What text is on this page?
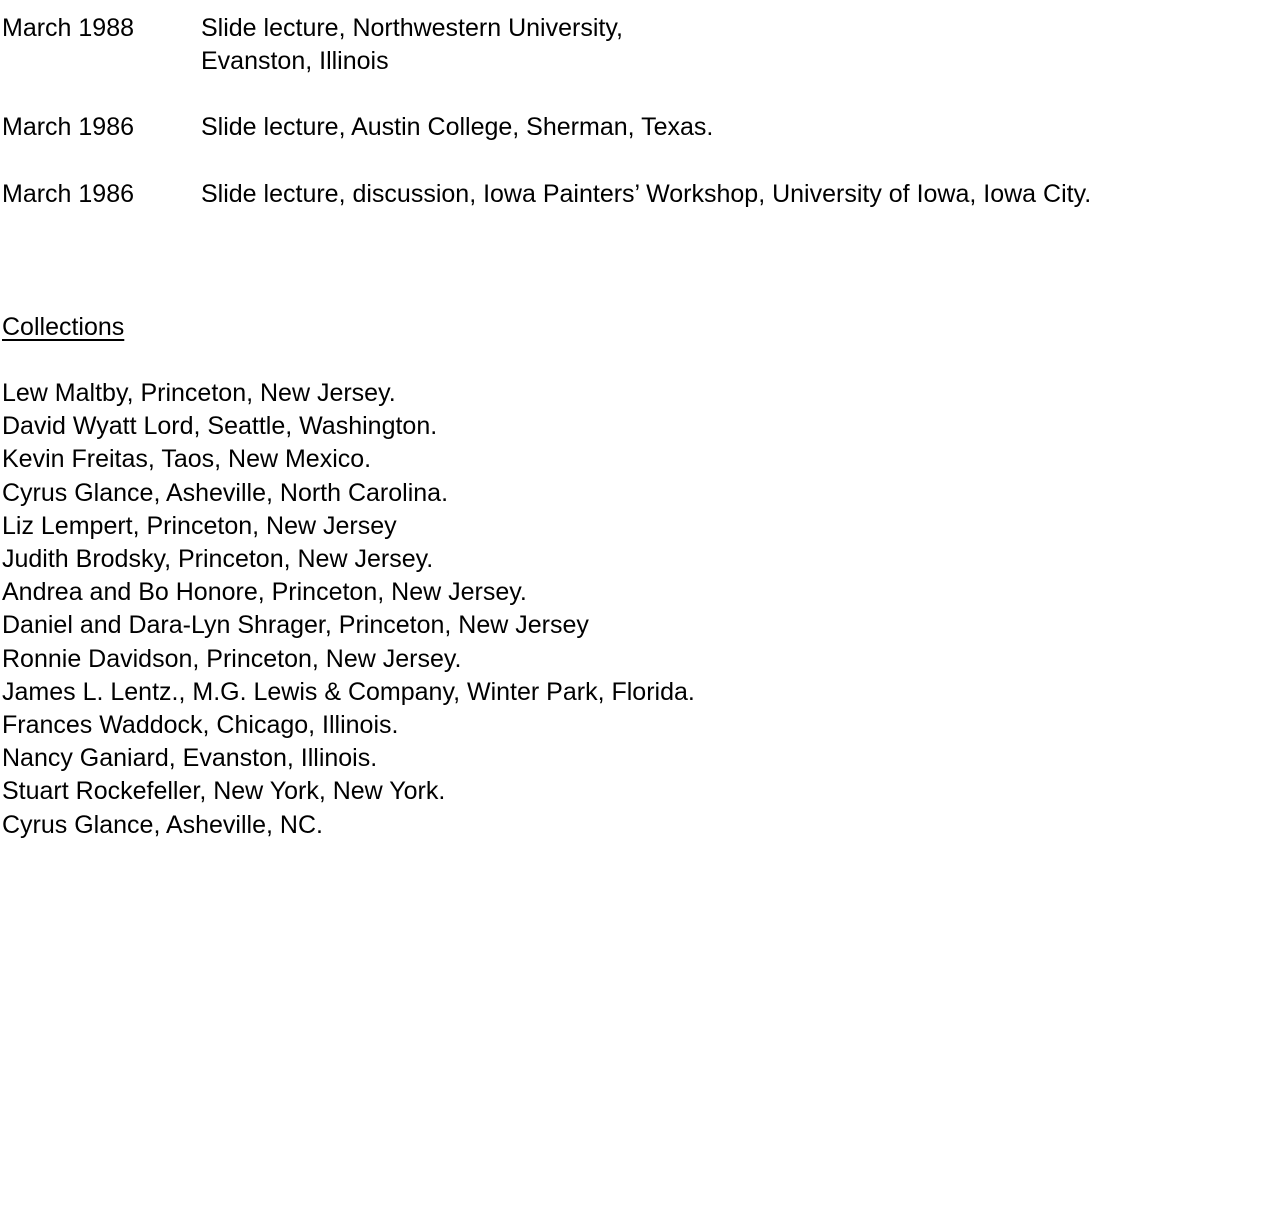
March 1988	Slide lecture, Northwestern University,
Evanston, Illinois
March 1986	Slide lecture, Austin College, Sherman, Texas.
March 1986	Slide lecture, discussion, Iowa Painters’ Workshop, University of Iowa, Iowa City.
Collections
Lew Maltby, Princeton, New Jersey.
David Wyatt Lord, Seattle, Washington.
Kevin Freitas, Taos, New Mexico.
Cyrus Glance, Asheville, North Carolina.
Liz Lempert, Princeton, New Jersey
Judith Brodsky, Princeton, New Jersey.
Andrea and Bo Honore, Princeton, New Jersey.
Daniel and Dara-Lyn Shrager, Princeton, New Jersey
Ronnie Davidson, Princeton, New Jersey.
James L. Lentz., M.G. Lewis & Company, Winter Park, Florida.
Frances Waddock, Chicago, Illinois.
Nancy Ganiard, Evanston, Illinois.
Stuart Rockefeller, New York, New York.
Cyrus Glance, Asheville, NC.
